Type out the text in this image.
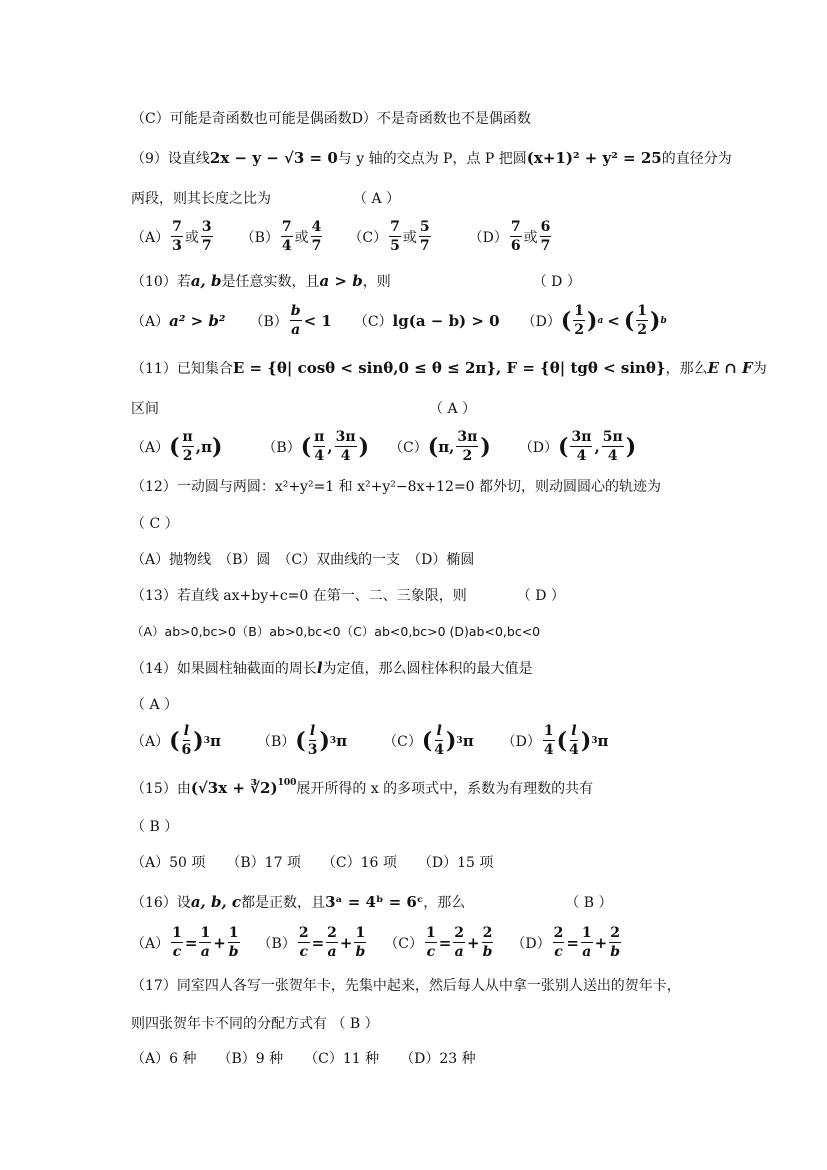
（C）可能是奇函数也可能是偶函数D）不是奇函数也不是偶函数
（9）设直线 2x − y − √3 = 0 与 y 轴的交点为 P，点 P 把圆 (x+1)² + y² = 25 的直径分为
两段，则其长度之比为	（ A ）
$(A) \frac{7}{3}$ 或 $\frac{3}{7} (B) \frac{7}{4}$ 或 $\frac{4}{7} (C) \frac{7}{5}$ 或 $\frac{5}{7}$	$(D) \frac{7}{6}$ 或 $\frac{6}{7}$
（10）若 a, b 是任意实数，且 a > b ，则	（ D ）
（A） a² > b² $(B) \frac{b}{a} < 1$ （C） lg(a − b) > 0 （D） ( $\frac{1}{2}$ ) a < ( $\frac{1}{2}$ ) b
（11）已知集合 E = {θ| cosθ < sinθ,0 ≤ θ ≤ 2π}, F = {θ| tgθ < sinθ} ，那么 E ∩ F 为
区间	（ A ）
（A） ( $\frac{\pi}{2} ,\pi$ )	（B） ( $\frac{\pi}{4}$ , $\frac{3\pi}{4}$ ) （C） ( π, $\frac{3\pi}{2}$ ) （D） ( $\frac{3\pi}{4}$ , $\frac{5\pi}{4}$ )
（12）一动圆与两圆：x²+y²=1 和 x²+y²−8x+12=0 都外切，则动圆圆心的轨迹为
（ C ）
（A）抛物线　（B）圆　（C）双曲线的一支　（D）椭圆
（13）若直线 ax+by+c=0 在第一、二、三象限，则	（ D ）
（A）ab>0,bc>0（B）ab>0,bc<0（C）ab<0,bc>0 (D)ab<0,bc<0
（14）如果圆柱轴截面的周长 l 为定值，那么圆柱体积的最大值是
（ A ）
（A） ( $\frac{l}{6}$ ) 3 π	（B） ( $\frac{l}{3}$ ) 3 π	（C） ( $\frac{l}{4}$ ) 3 π $(D) \frac{1}{4}$ ( $\frac{l}{4}$ ) 3 π
（15）由 (√3x + ∛2)$^{100}$ 展开所得的 x 的多项式中，系数为有理数的共有
（ B ）
（A）50 项　　（B）17 项　　（C）16 项　　（D）15 项
（16）设 a, b, c 都是正数，且 3ᵃ = 4ᵇ = 6ᶜ ，那么	（ B ）
$(A) \frac{1}{c} = \frac{1}{a} + \frac{1}{b} (B) \frac{2}{c} = \frac{2}{a} + \frac{1}{b} (C) \frac{1}{c} = \frac{2}{a} + \frac{2}{b} (D) \frac{2}{c} = \frac{1}{a} + \frac{2}{b}$
（17）同室四人各写一张贺年卡，先集中起来，然后每人从中拿一张别人送出的贺年卡，
则四张贺年卡不同的分配方式有 （ B ）
（A）6 种　　（B）9 种　　（C）11 种　　（D）23 种
